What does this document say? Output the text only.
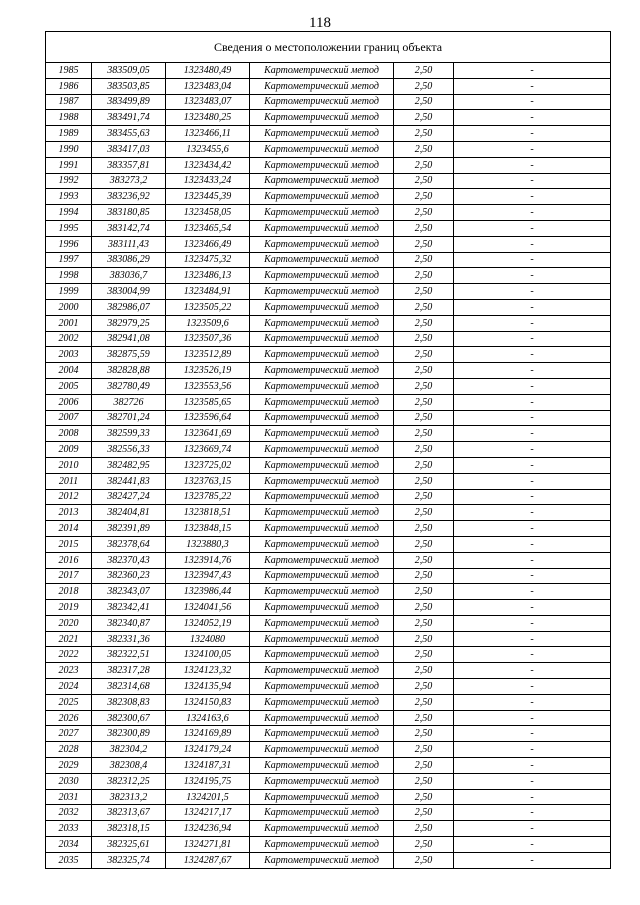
118
Сведения о местоположении границ объекта					
1985	383509,05	1323480,49	Картометрический метод	2,50	-
1986	383503,85	1323483,04	Картометрический метод	2,50	-
1987	383499,89	1323483,07	Картометрический метод	2,50	-
1988	383491,74	1323480,25	Картометрический метод	2,50	-
1989	383455,63	1323466,11	Картометрический метод	2,50	-
1990	383417,03	1323455,6	Картометрический метод	2,50	-
1991	383357,81	1323434,42	Картометрический метод	2,50	-
1992	383273,2	1323433,24	Картометрический метод	2,50	-
1993	383236,92	1323445,39	Картометрический метод	2,50	-
1994	383180,85	1323458,05	Картометрический метод	2,50	-
1995	383142,74	1323465,54	Картометрический метод	2,50	-
1996	383111,43	1323466,49	Картометрический метод	2,50	-
1997	383086,29	1323475,32	Картометрический метод	2,50	-
1998	383036,7	1323486,13	Картометрический метод	2,50	-
1999	383004,99	1323484,91	Картометрический метод	2,50	-
2000	382986,07	1323505,22	Картометрический метод	2,50	-
2001	382979,25	1323509,6	Картометрический метод	2,50	-
2002	382941,08	1323507,36	Картометрический метод	2,50	-
2003	382875,59	1323512,89	Картометрический метод	2,50	-
2004	382828,88	1323526,19	Картометрический метод	2,50	-
2005	382780,49	1323553,56	Картометрический метод	2,50	-
2006	382726	1323585,65	Картометрический метод	2,50	-
2007	382701,24	1323596,64	Картометрический метод	2,50	-
2008	382599,33	1323641,69	Картометрический метод	2,50	-
2009	382556,33	1323669,74	Картометрический метод	2,50	-
2010	382482,95	1323725,02	Картометрический метод	2,50	-
2011	382441,83	1323763,15	Картометрический метод	2,50	-
2012	382427,24	1323785,22	Картометрический метод	2,50	-
2013	382404,81	1323818,51	Картометрический метод	2,50	-
2014	382391,89	1323848,15	Картометрический метод	2,50	-
2015	382378,64	1323880,3	Картометрический метод	2,50	-
2016	382370,43	1323914,76	Картометрический метод	2,50	-
2017	382360,23	1323947,43	Картометрический метод	2,50	-
2018	382343,07	1323986,44	Картометрический метод	2,50	-
2019	382342,41	1324041,56	Картометрический метод	2,50	-
2020	382340,87	1324052,19	Картометрический метод	2,50	-
2021	382331,36	1324080	Картометрический метод	2,50	-
2022	382322,51	1324100,05	Картометрический метод	2,50	-
2023	382317,28	1324123,32	Картометрический метод	2,50	-
2024	382314,68	1324135,94	Картометрический метод	2,50	-
2025	382308,83	1324150,83	Картометрический метод	2,50	-
2026	382300,67	1324163,6	Картометрический метод	2,50	-
2027	382300,89	1324169,89	Картометрический метод	2,50	-
2028	382304,2	1324179,24	Картометрический метод	2,50	-
2029	382308,4	1324187,31	Картометрический метод	2,50	-
2030	382312,25	1324195,75	Картометрический метод	2,50	-
2031	382313,2	1324201,5	Картометрический метод	2,50	-
2032	382313,67	1324217,17	Картометрический метод	2,50	-
2033	382318,15	1324236,94	Картометрический метод	2,50	-
2034	382325,61	1324271,81	Картометрический метод	2,50	-
2035	382325,74	1324287,67	Картометрический метод	2,50	-
